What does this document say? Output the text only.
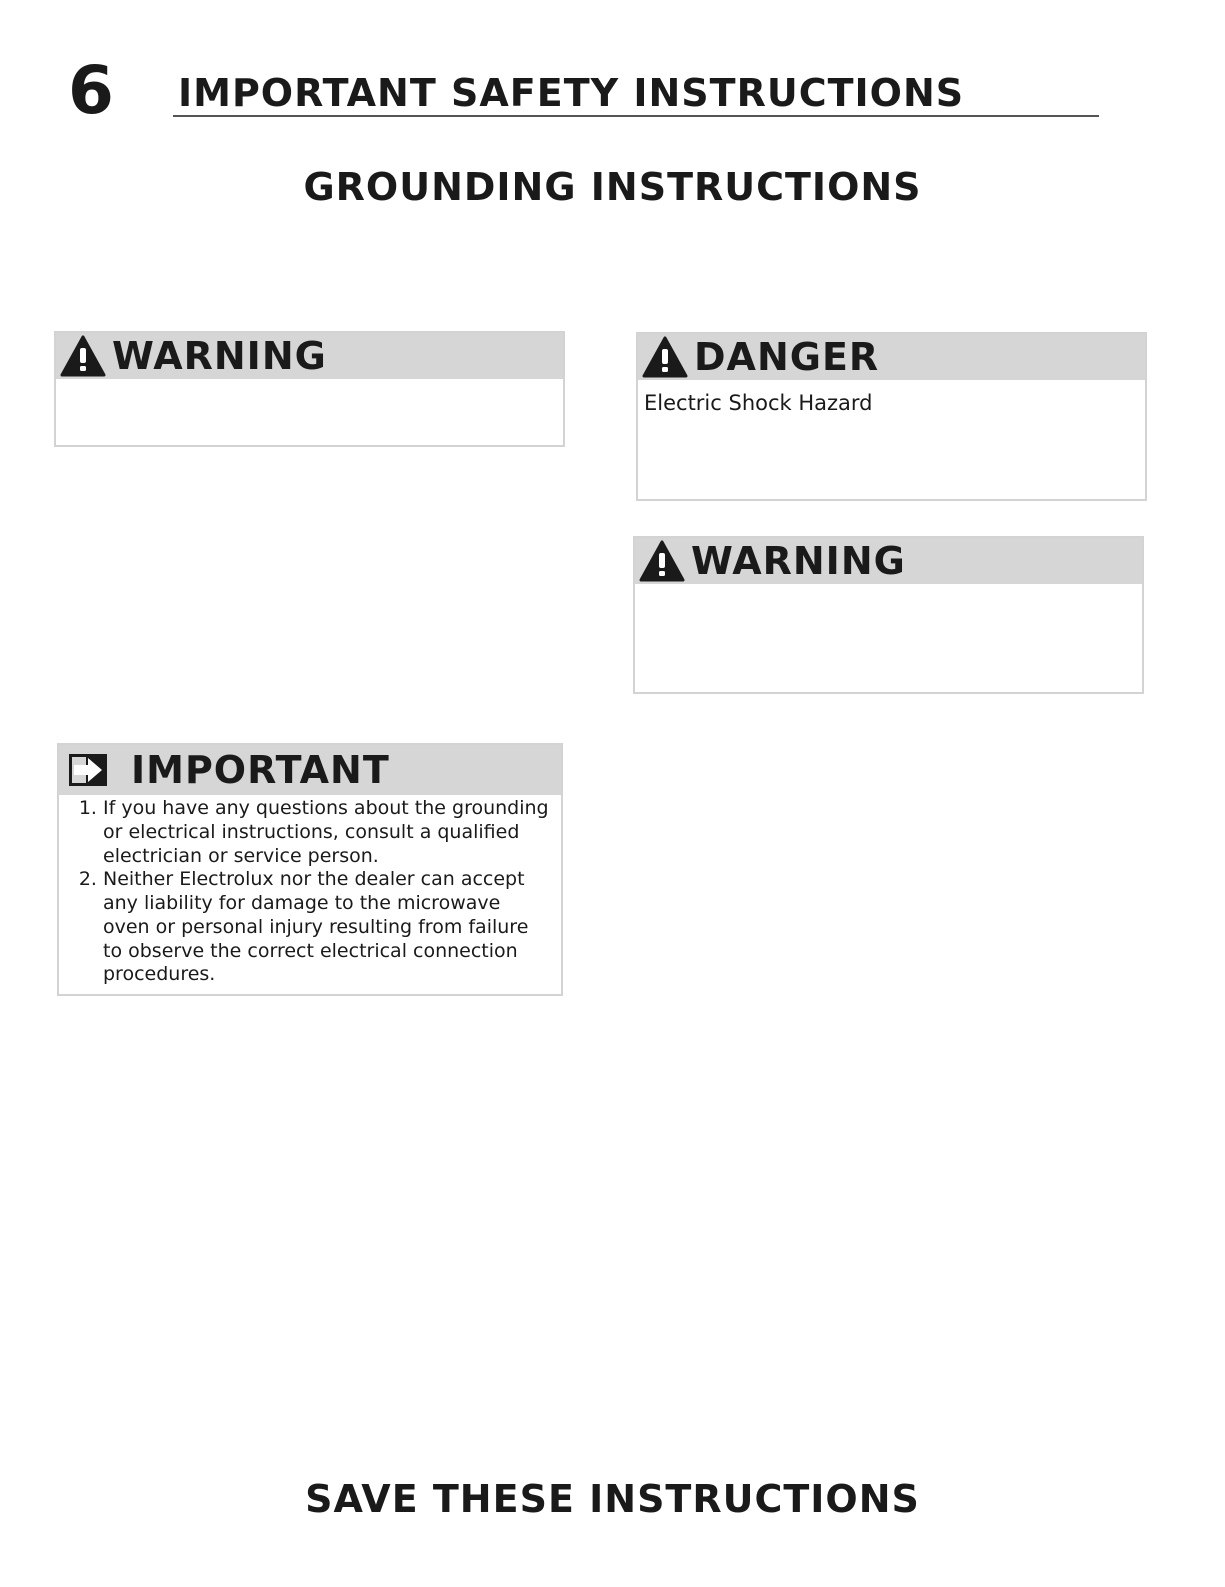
6 IMPORTANT SAFETY INSTRUCTIONS
GROUNDING INSTRUCTIONS
WARNING	DANGER
Electric Shock Hazard
WARNING
IMPORTANT
1. If you have any questions about the grounding or electrical instructions, consult a qualified electrician or service person.
2. Neither Electrolux nor the dealer can accept any liability for damage to the microwave oven or personal injury resulting from failure to observe the correct electrical connection procedures.
SAVE THESE INSTRUCTIONS
